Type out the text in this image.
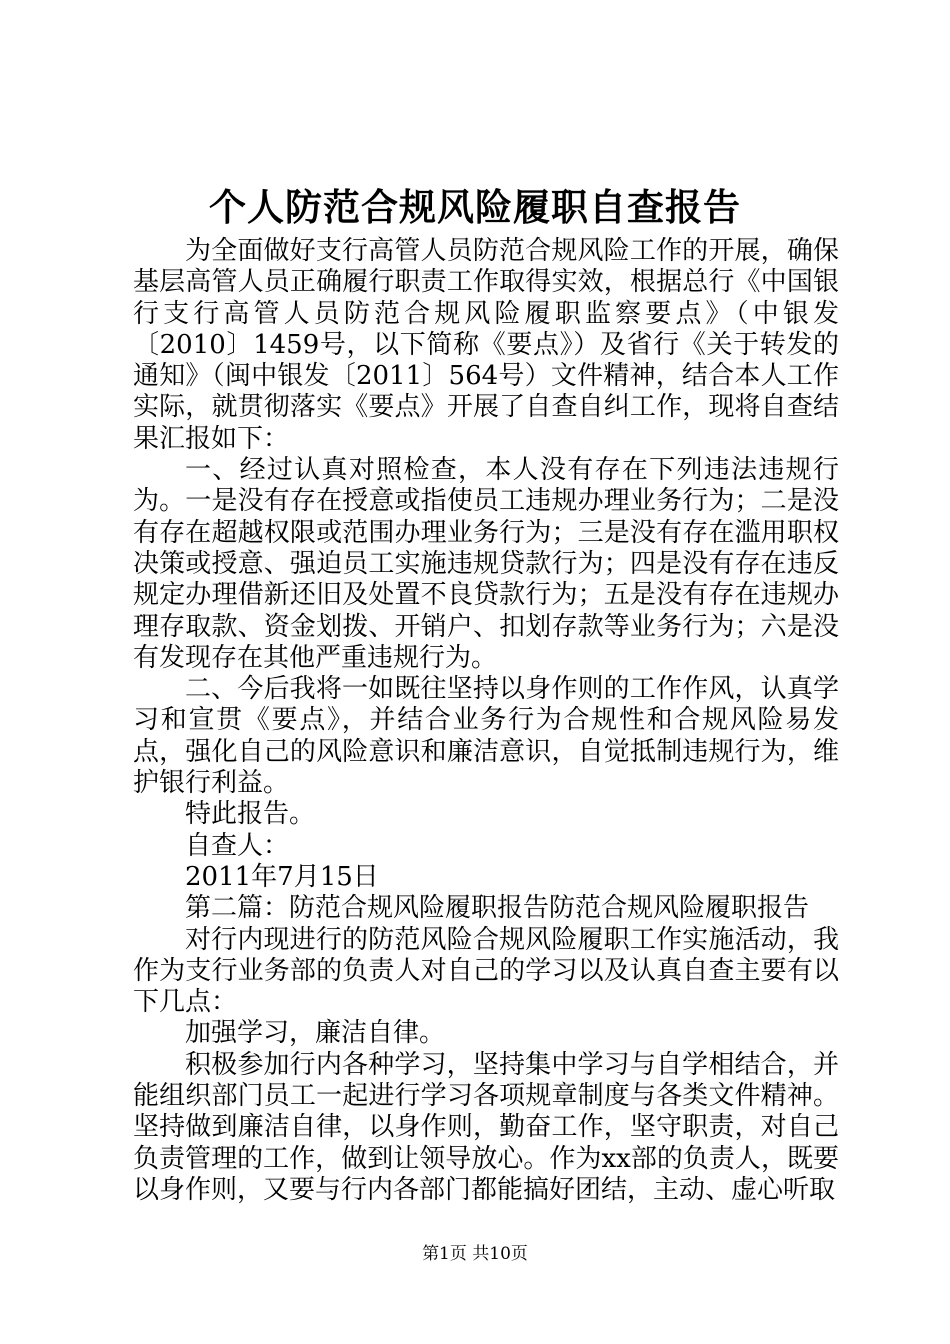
个人防范合规风险履职自查报告

为全面做好支行高管人员防范合规风险工作的开展，确保基层高管人员正确履行职责工作取得实效，根据总行《中国银行支行高管人员防范合规风险履职监察要点》（中银发〔2010〕1459号，以下简称《要点》）及省行《关于转发的通知》（闽中银发〔2011〕564号）文件精神，结合本人工作实际，就贯彻落实《要点》开展了自查自纠工作，现将自查结果汇报如下：

一、经过认真对照检查，本人没有存在下列违法违规行为。一是没有存在授意或指使员工违规办理业务行为；二是没有存在超越权限或范围办理业务行为；三是没有存在滥用职权决策或授意、强迫员工实施违规贷款行为；四是没有存在违反规定办理借新还旧及处置不良贷款行为；五是没有存在违规办理存取款、资金划拨、开销户、扣划存款等业务行为；六是没有发现存在其他严重违规行为。

二、今后我将一如既往坚持以身作则的工作作风，认真学习和宣贯《要点》，并结合业务行为合规性和合规风险易发点，强化自己的风险意识和廉洁意识，自觉抵制违规行为，维护银行利益。

特此报告。

自查人：

2011年7月15日

第二篇：防范合规风险履职报告防范合规风险履职报告

对行内现进行的防范风险合规风险履职工作实施活动，我作为支行业务部的负责人对自己的学习以及认真自查主要有以下几点：

加强学习，廉洁自律。

积极参加行内各种学习，坚持集中学习与自学相结合，并能组织部门员工一起进行学习各项规章制度与各类文件精神。坚持做到廉洁自律，以身作则，勤奋工作，坚守职责，对自己负责管理的工作，做到让领导放心。作为xx部的负责人，既要以身作则，又要与行内各部门都能搞好团结，主动、虚心听取

第1页 共10页
